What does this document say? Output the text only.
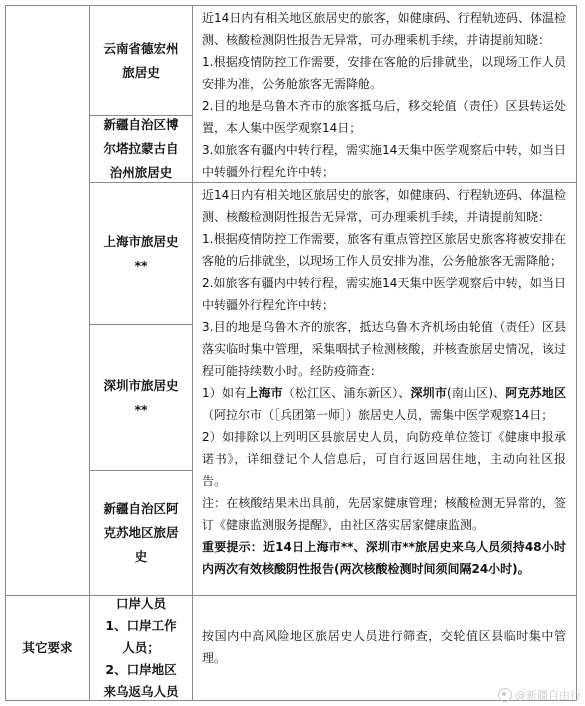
云南省德宏州旅居史
新疆自治区博尔塔拉蒙古自治州旅居史
上海市旅居史**
深圳市旅居史**
新疆自治区阿克苏地区旅居史
其它要求
口岸人员
1、口岸工作人员；
2、口岸地区来乌返乌人员

近14日内有相关地区旅居史的旅客，如健康码、行程轨迹码、体温检测、核酸检测阴性报告无异常，可办理乘机手续，并请提前知晓：

1.根据疫情防控工作需要，安排在客舱的后排就坐，以现场工作人员安排为准，公务舱旅客无需降舱。

2.目的地是乌鲁木齐市的旅客抵乌后，移交轮值（责任）区县转运处置，本人集中医学观察14日；

3.如旅客有疆内中转行程，需实施14天集中医学观察后中转，如当日中转疆外行程允许中转；

近14日内有相关地区旅居史的旅客，如健康码、行程轨迹码、体温检测、核酸检测阴性报告无异常，可办理乘机手续，并请提前知晓：

1.根据疫情防控工作需要，旅客有重点管控区旅居史旅客将被安排在客舱的后排就坐，以现场工作人员安排为准，公务舱旅客无需降舱；

2.如旅客有疆内中转行程，需实施14天集中医学观察后中转，如当日中转疆外行程允许中转；

3.目的地是乌鲁木齐的旅客，抵达乌鲁木齐机场由轮值（责任）区县落实临时集中管理，采集咽拭子检测核酸，并核查旅居史情况，该过程可能持续数小时。经防疫筛查：

1）如有上海市（松江区、浦东新区）、深圳市(南山区)、阿克苏地区（阿拉尔市（［兵团第一师］）旅居史人员，需集中医学观察14日；

2）如排除以上列明区县旅居史人员，向防疫单位签订《健康申报承诺书》，详细登记个人信息后，可自行返回居住地，主动向社区报告。

注：在核酸结果未出具前，先居家健康管理；核酸检测无异常的，签订《健康监测服务提醒》，由社区落实居家健康监测。

重要提示：近14日上海市**、深圳市**旅居史来乌人员须持48小时内两次有效核酸阴性报告(两次核酸检测时间须间隔24小时)。

按国内中高风险地区旅居史人员进行筛查，交轮值区县临时集中管理。

@新疆自由行
